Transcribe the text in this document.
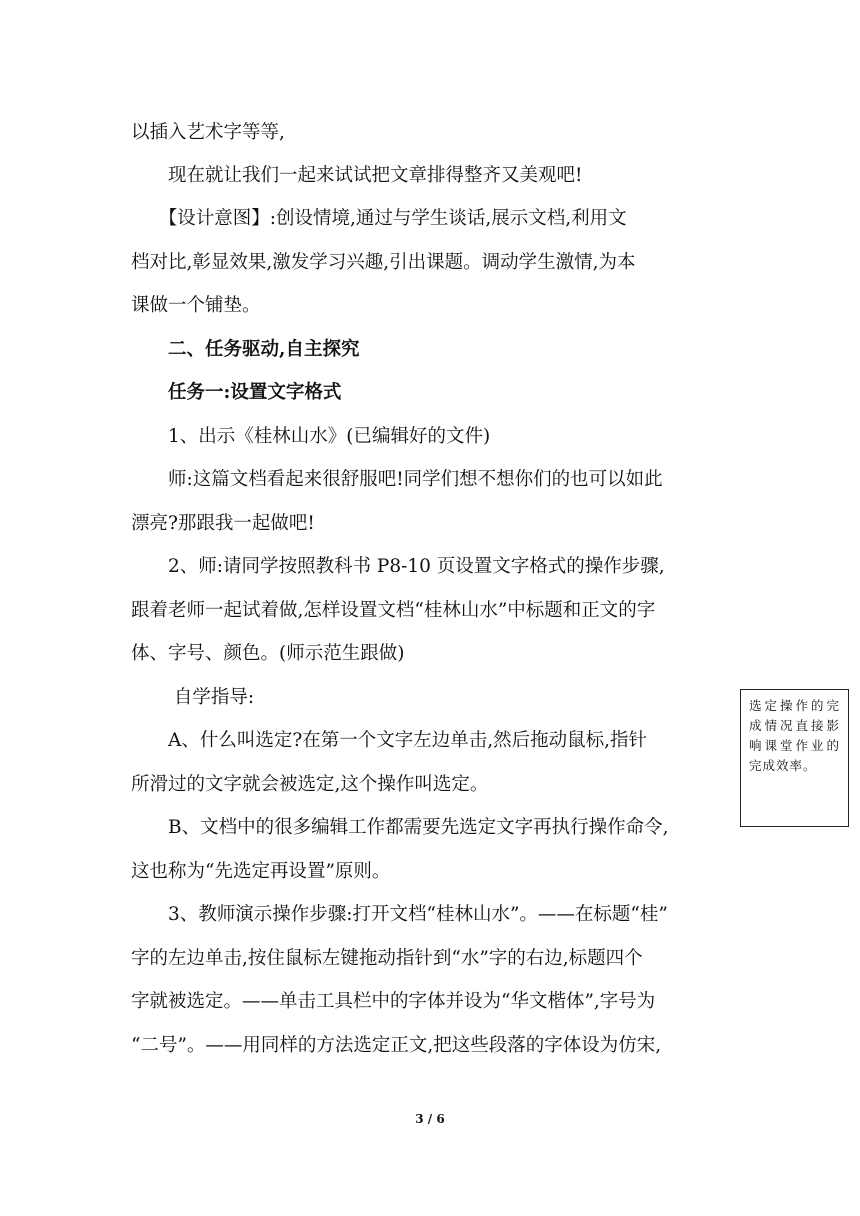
以插入艺术字等等,
　　现在就让我们一起来试试把文章排得整齐又美观吧!
　　【设计意图】:创设情境,通过与学生谈话,展示文档,利用文
档对比,彰显效果,激发学习兴趣,引出课题。调动学生激情,为本
课做一个铺垫。
　　二、任务驱动,自主探究
　　任务一:设置文字格式
　　1、出示《桂林山水》(已编辑好的文件)
　　师:这篇文档看起来很舒服吧!同学们想不想你们的也可以如此
漂亮?那跟我一起做吧!
　　2、师:请同学按照教科书 P8-10 页设置文字格式的操作步骤,
跟着老师一起试着做,怎样设置文档“桂林山水”中标题和正文的字
体、字号、颜色。(师示范生跟做)
　　 自学指导:
　　A、什么叫选定?在第一个文字左边单击,然后拖动鼠标,指针
所滑过的文字就会被选定,这个操作叫选定。
　　B、文档中的很多编辑工作都需要先选定文字再执行操作命令,
这也称为“先选定再设置”原则。
　　3、教师演示操作步骤:打开文档“桂林山水”。——在标题“桂”
字的左边单击,按住鼠标左键拖动指针到“水”字的右边,标题四个
字就被选定。——单击工具栏中的字体并设为“华文楷体”,字号为
“二号”。——用同样的方法选定正文,把这些段落的字体设为仿宋,
选定操作的完成情况直接影响课堂作业的完成效率。
3 / 6
